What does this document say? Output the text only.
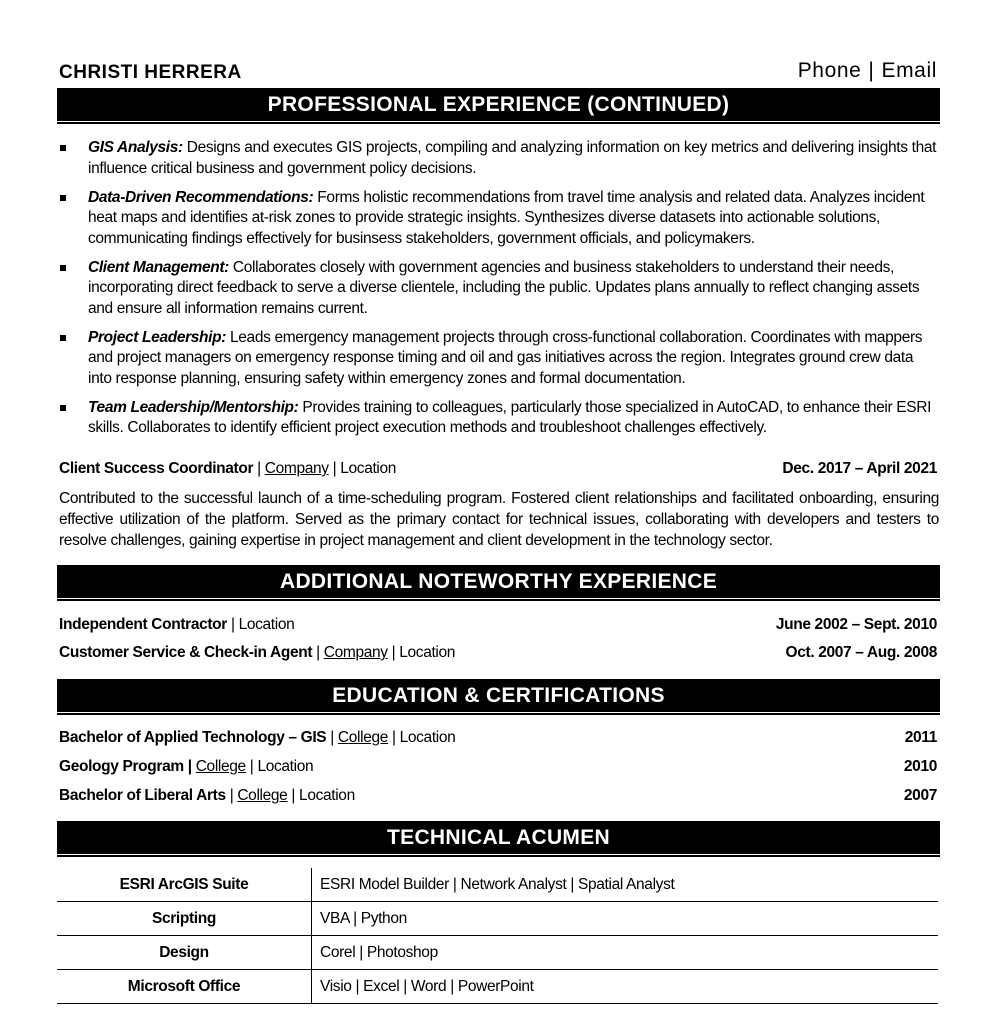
CHRISTI HERRERA	Phone | Email
PROFESSIONAL EXPERIENCE (CONTINUED)
GIS Analysis: Designs and executes GIS projects, compiling and analyzing information on key metrics and delivering insights that influence critical business and government policy decisions.
Data-Driven Recommendations: Forms holistic recommendations from travel time analysis and related data. Analyzes incident heat maps and identifies at-risk zones to provide strategic insights. Synthesizes diverse datasets into actionable solutions, communicating findings effectively for businsess stakeholders, government officials, and policymakers.
Client Management: Collaborates closely with government agencies and business stakeholders to understand their needs, incorporating direct feedback to serve a diverse clientele, including the public. Updates plans annually to reflect changing assets and ensure all information remains current.
Project Leadership: Leads emergency management projects through cross-functional collaboration. Coordinates with mappers and project managers on emergency response timing and oil and gas initiatives across the region. Integrates ground crew data into response planning, ensuring safety within emergency zones and formal documentation.
Team Leadership/Mentorship: Provides training to colleagues, particularly those specialized in AutoCAD, to enhance their ESRI skills. Collaborates to identify efficient project execution methods and troubleshoot challenges effectively.
Client Success Coordinator | Company | Location	Dec. 2017 – April 2021
Contributed to the successful launch of a time-scheduling program. Fostered client relationships and facilitated onboarding, ensuring effective utilization of the platform. Served as the primary contact for technical issues, collaborating with developers and testers to resolve challenges, gaining expertise in project management and client development in the technology sector.
ADDITIONAL NOTEWORTHY EXPERIENCE
Independent Contractor | Location	June 2002 – Sept. 2010
Customer Service & Check-in Agent | Company | Location	Oct. 2007 – Aug. 2008
EDUCATION & CERTIFICATIONS
Bachelor of Applied Technology – GIS | College | Location	2011
Geology Program | College | Location	2010
Bachelor of Liberal Arts | College | Location	2007
TECHNICAL ACUMEN
ESRI ArcGIS Suite	ESRI Model Builder | Network Analyst | Spatial Analyst
Scripting	VBA | Python
Design	Corel | Photoshop
Microsoft Office	Visio | Excel | Word | PowerPoint
